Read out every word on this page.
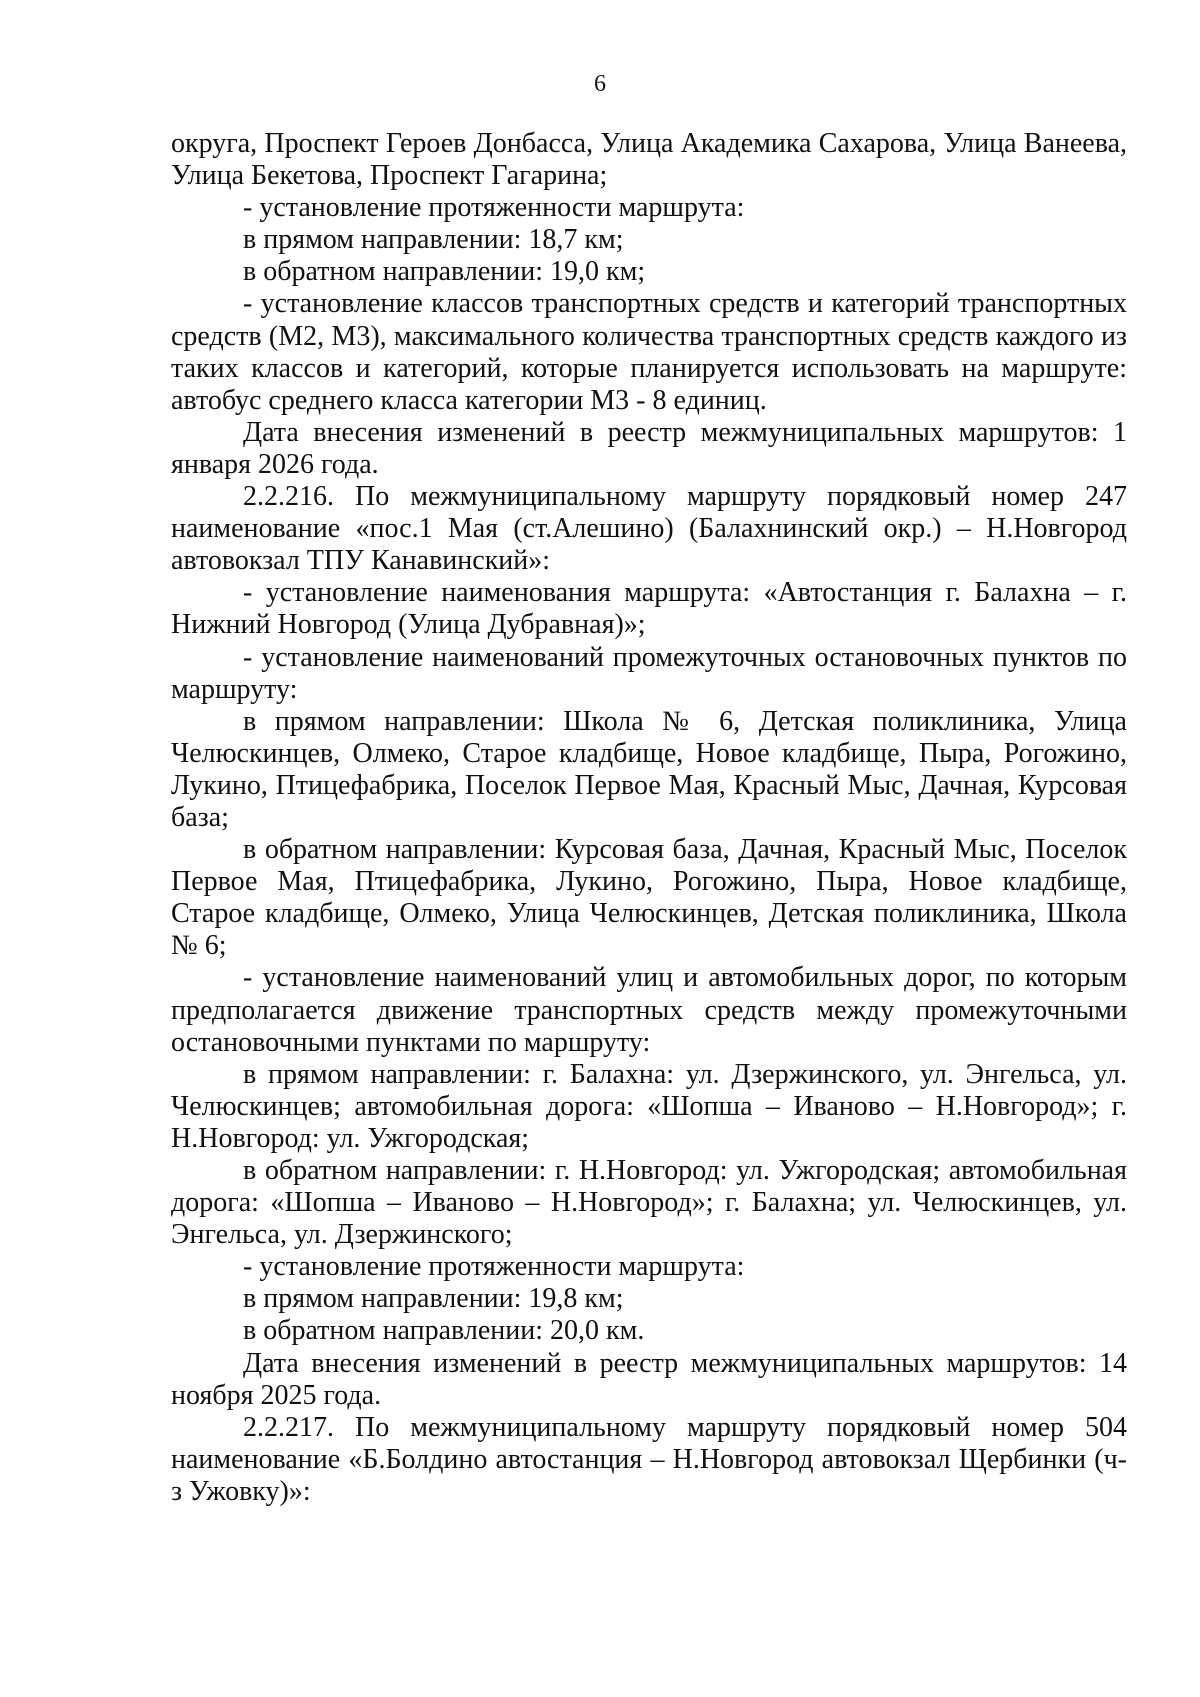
6

округа, Проспект Героев Донбасса, Улица Академика Сахарова, Улица Ванеева, Улица Бекетова, Проспект Гагарина;

- установление протяженности маршрута:

в прямом направлении: 18,7 км;

в обратном направлении: 19,0 км;

- установление классов транспортных средств и категорий транспортных средств (М2, М3), максимального количества транспортных средств каждого из таких классов и категорий, которые планируется использовать на маршруте: автобус среднего класса категории М3 - 8 единиц.

Дата внесения изменений в реестр межмуниципальных маршрутов: 1 января 2026 года.

2.2.216. По межмуниципальному маршруту порядковый номер 247 наименование «пос.1 Мая (ст.Алешино) (Балахнинский окр.) – Н.Новгород автовокзал ТПУ Канавинский»:

- установление наименования маршрута: «Автостанция г. Балахна – г. Нижний Новгород (Улица Дубравная)»;

- установление наименований промежуточных остановочных пунктов по маршруту:

в прямом направлении: Школа № 6, Детская поликлиника, Улица Челюскинцев, Олмеко, Старое кладбище, Новое кладбище, Пыра, Рогожино, Лукино, Птицефабрика, Поселок Первое Мая, Красный Мыс, Дачная, Курсовая база;

в обратном направлении: Курсовая база, Дачная, Красный Мыс, Поселок Первое Мая, Птицефабрика, Лукино, Рогожино, Пыра, Новое кладбище, Старое кладбище, Олмеко, Улица Челюскинцев, Детская поликлиника, Школа № 6;

- установление наименований улиц и автомобильных дорог, по которым предполагается движение транспортных средств между промежуточными остановочными пунктами по маршруту:

в прямом направлении: г. Балахна: ул. Дзержинского, ул. Энгельса, ул. Челюскинцев; автомобильная дорога: «Шопша – Иваново – Н.Новгород»; г. Н.Новгород: ул. Ужгородская;

в обратном направлении: г. Н.Новгород: ул. Ужгородская; автомобильная дорога: «Шопша – Иваново – Н.Новгород»; г. Балахна; ул. Челюскинцев, ул. Энгельса, ул. Дзержинского;

- установление протяженности маршрута:

в прямом направлении: 19,8 км;

в обратном направлении: 20,0 км.

Дата внесения изменений в реестр межмуниципальных маршрутов: 14 ноября 2025 года.

2.2.217. По межмуниципальному маршруту порядковый номер 504 наименование «Б.Болдино автостанция – Н.Новгород автовокзал Щербинки (ч-з Ужовку)»:
